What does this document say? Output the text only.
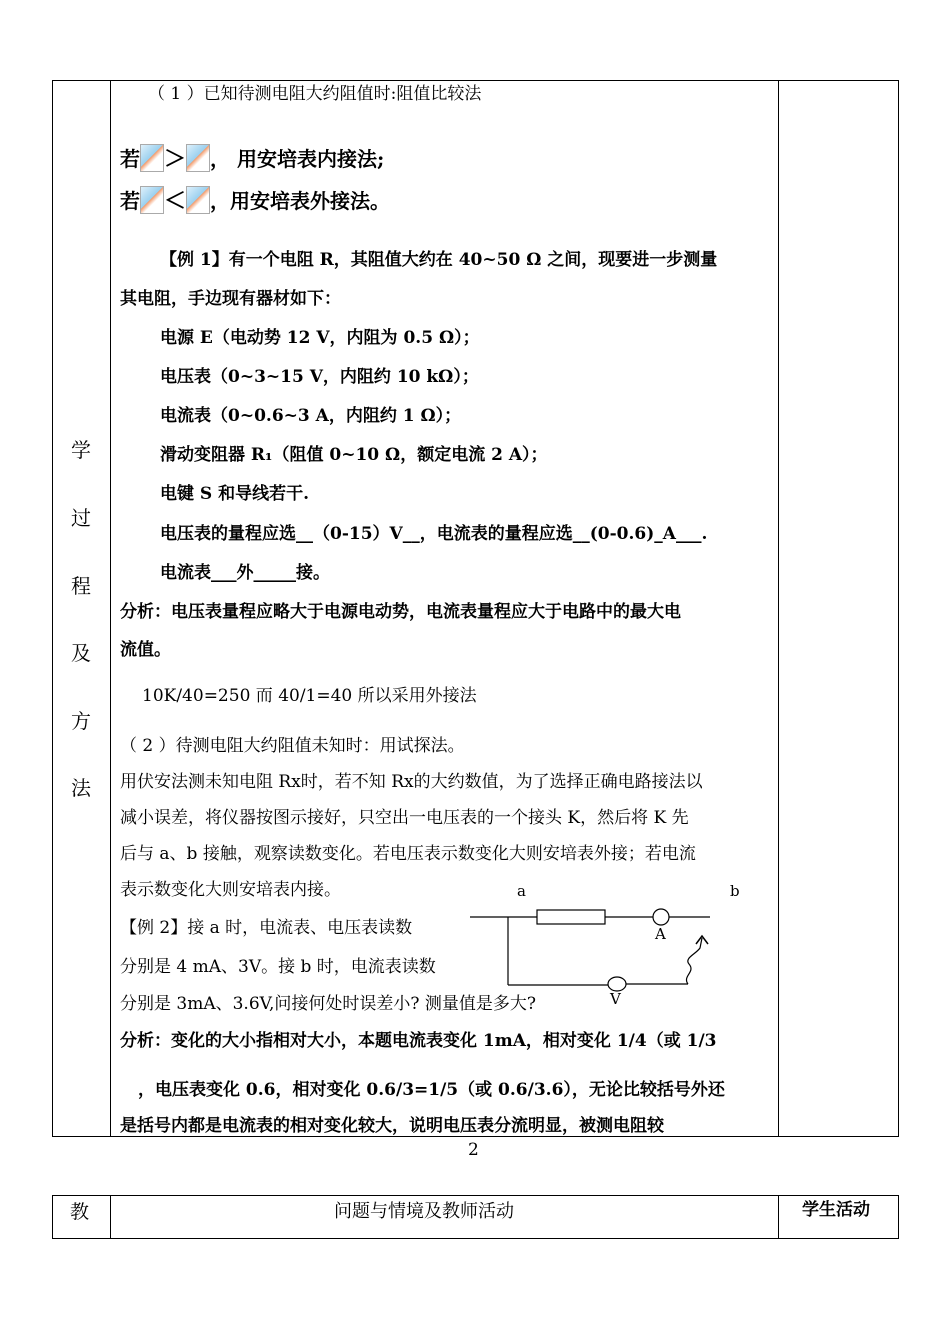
学
过
程
及
方
法
（ 1 ）已知待测电阻大约阻值时:阻值比较法
若 ＞ ， 用安培表内接法;
若 ＜ ，用安培表外接法。
【例 1】有一个电阻 R，其阻值大约在 40~50 Ω 之间，现要进一步测量
其电阻，手边现有器材如下：
电源 E（电动势 12 V，内阻为 0.5 Ω）；
电压表（0~3~15 V，内阻约 10 kΩ）；
电流表（0~0.6~3 A，内阻约 1 Ω）；
滑动变阻器 R₁（阻值 0~10 Ω，额定电流 2 A）；
电键 S 和导线若干.
电压表的量程应选__（0-15）V__，电流表的量程应选__(0-0.6)_A___.
电流表___外_____接。
分析：电压表量程应略大于电源电动势，电流表量程应大于电路中的最大电
流值。
10K/40=250 而 40/1=40 所以采用外接法
（ 2 ）待测电阻大约阻值未知时：用试探法。
用伏安法测未知电阻 Rx时，若不知 Rx的大约数值，为了选择正确电路接法以
减小误差，将仪器按图示接好，只空出一电压表的一个接头 K，然后将 K 先
后与 a、b 接触，观察读数变化。若电压表示数变化大则安培表外接；若电流
表示数变化大则安培表内接。
【例 2】接 a 时，电流表、电压表读数
分别是 4 mA、3V。接 b 时，电流表读数
分别是 3mA、3.6V,问接何处时误差小? 测量值是多大?
a	b
A
V
分析：变化的大小指相对大小，本题电流表变化 1mA，相对变化 1/4（或 1/3
，电压表变化 0.6，相对变化 0.6/3=1/5（或 0.6/3.6），无论比较括号外还
是括号内都是电流表的相对变化较大，说明电压表分流明显，被测电阻较
2
教	问题与情境及教师活动	学生活动
